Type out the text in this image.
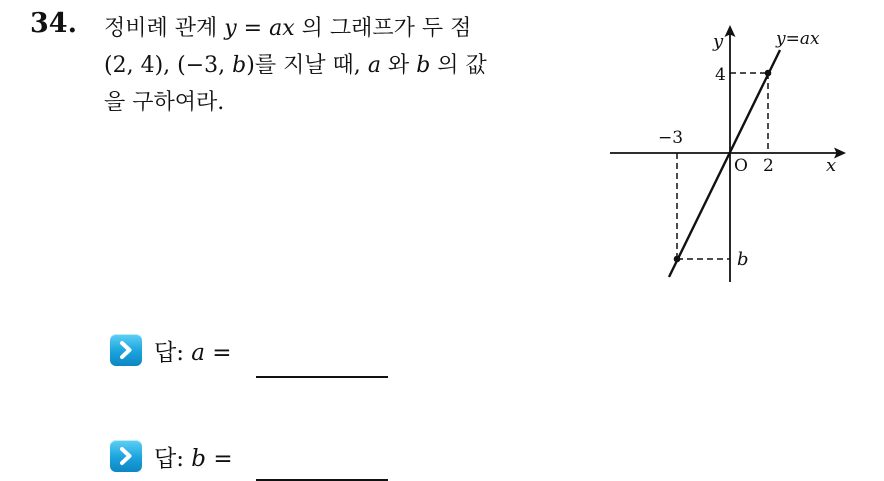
34. 정비례 관계 y = ax 의 그래프가 두 점
(2, 4), (−3, b)를 지날 때, a 와 b 의 값
을 구하여라.
y	y=ax
4
−3
O 2	x
b
답: a =
답: b =
